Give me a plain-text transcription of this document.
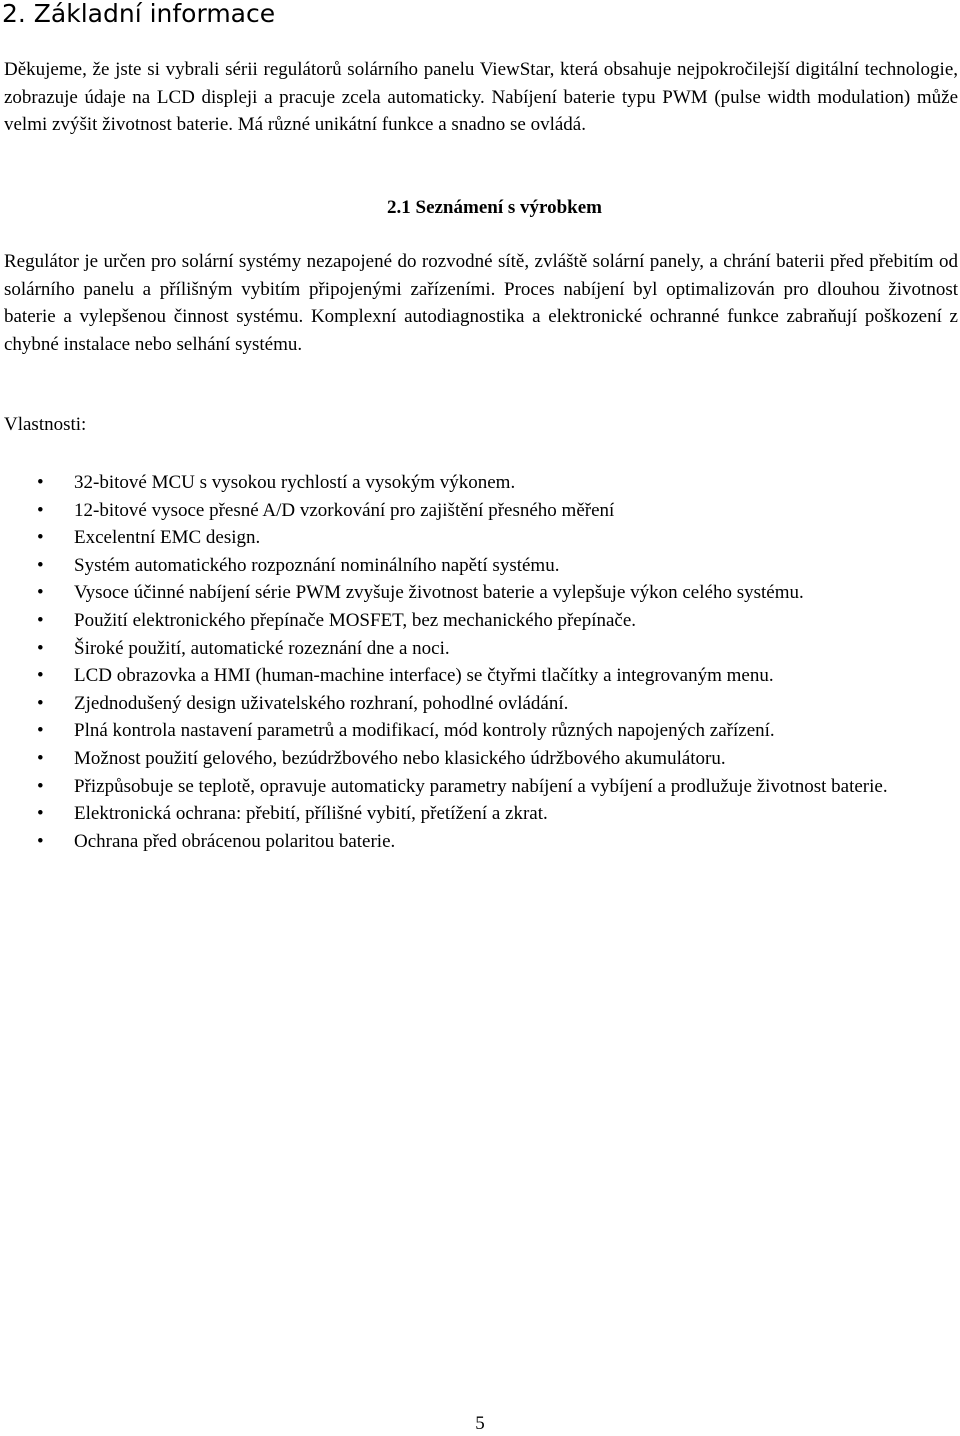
2. Základní informace

Děkujeme, že jste si vybrali sérii regulátorů solárního panelu ViewStar, která obsahuje nejpokročilejší digitální technologie, zobrazuje údaje na LCD displeji a pracuje zcela automaticky. Nabíjení baterie typu PWM (pulse width modulation) může velmi zvýšit životnost baterie. Má různé unikátní funkce a snadno se ovládá.

2.1 Seznámení s výrobkem

Regulátor je určen pro solární systémy nezapojené do rozvodné sítě, zvláště solární panely, a chrání baterii před přebitím od solárního panelu a přílišným vybitím připojenými zařízeními. Proces nabíjení byl optimalizován pro dlouhou životnost baterie a vylepšenou činnost systému. Komplexní autodiagnostika a elektronické ochranné funkce zabraňují poškození z chybné instalace nebo selhání systému.

Vlastnosti:

• 32-bitové MCU s vysokou rychlostí a vysokým výkonem.
• 12-bitové vysoce přesné A/D vzorkování pro zajištění přesného měření
• Excelentní EMC design.
• Systém automatického rozpoznání nominálního napětí systému.
• Vysoce účinné nabíjení série PWM zvyšuje životnost baterie a vylepšuje výkon celého systému.
• Použití elektronického přepínače MOSFET, bez mechanického přepínače.
• Široké použití, automatické rozeznání dne a noci.
• LCD obrazovka a HMI (human-machine interface) se čtyřmi tlačítky a integrovaným menu.
• Zjednodušený design uživatelského rozhraní, pohodlné ovládání.
• Plná kontrola nastavení parametrů a modifikací, mód kontroly různých napojených zařízení.
• Možnost použití gelového, bezúdržbového nebo klasického údržbového akumulátoru.
• Přizpůsobuje se teplotě, opravuje automaticky parametry nabíjení a vybíjení a prodlužuje životnost baterie.
• Elektronická ochrana: přebití, přílišné vybití, přetížení a zkrat.
• Ochrana před obrácenou polaritou baterie.
5
